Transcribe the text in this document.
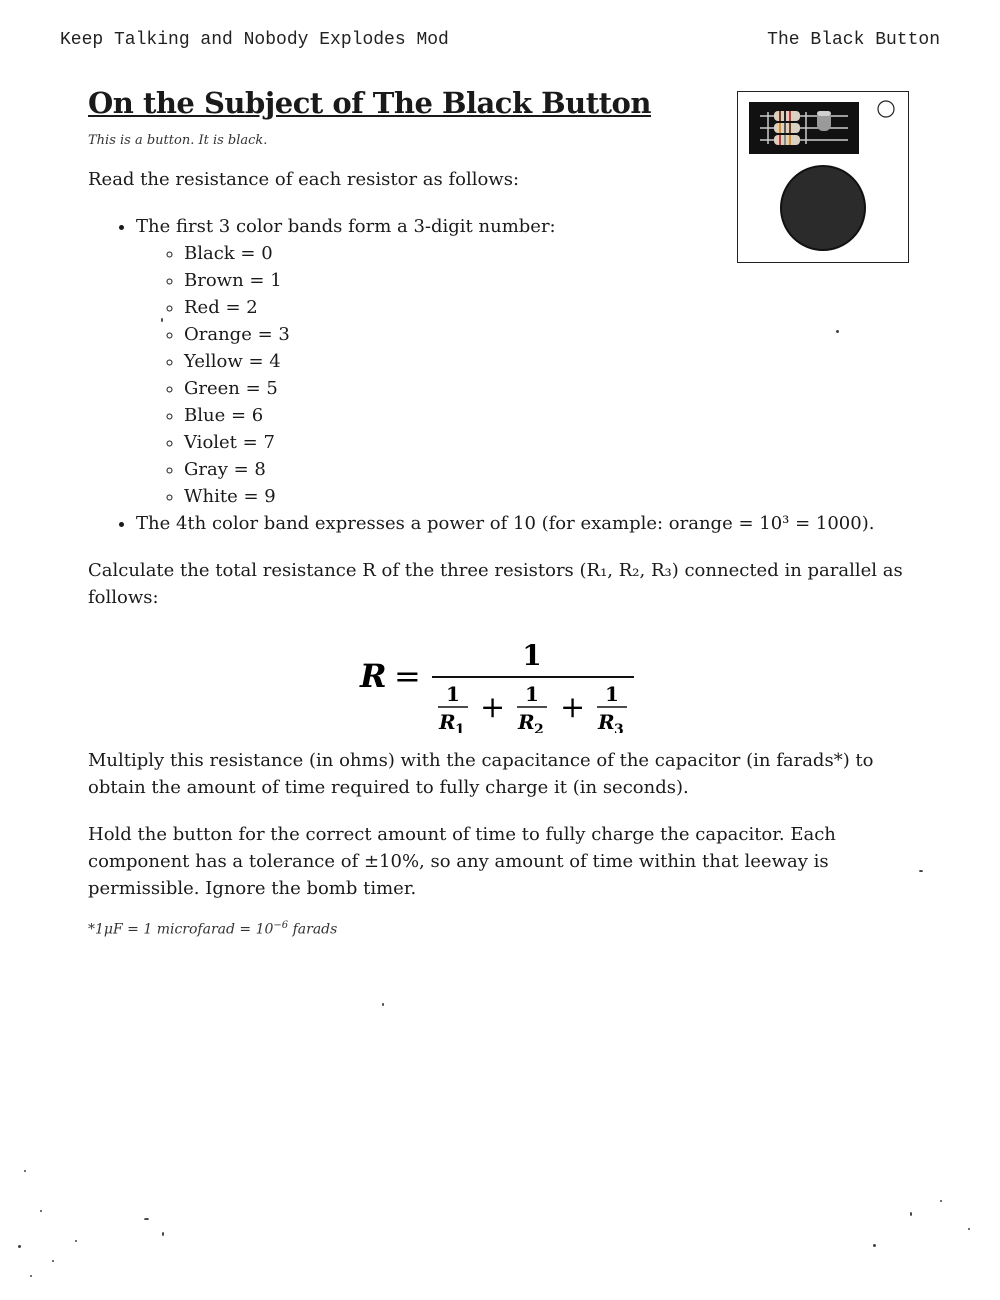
Keep Talking and Nobody Explodes Mod	The Black Button
On the Subject of The Black Button
This is a button. It is black.

Read the resistance of each resistor as follows:

• The first 3 color bands form a 3-digit number:
◦ Black = 0
◦ Brown = 1
◦ Red = 2
◦ Orange = 3
◦ Yellow = 4
◦ Green = 5
◦ Blue = 6
◦ Violet = 7
◦ Gray = 8
◦ White = 9
• The 4th color band expresses a power of 10 (for example: orange = 10³ = 1000).

Calculate the total resistance R of the three resistors (R₁, R₂, R₃) connected in parallel as follows:

R =
1
1
R 1
+ 1
R 2
+ 1
R 3

Multiply this resistance (in ohms) with the capacitance of the capacitor (in farads*) to obtain the amount of time required to fully charge it (in seconds).

Hold the button for the correct amount of time to fully charge the capacitor. Each component has a tolerance of ±10%, so any amount of time within that leeway is permissible. Ignore the bomb timer.

*1μF = 1 microfarad = $10^{-6}$ farads
